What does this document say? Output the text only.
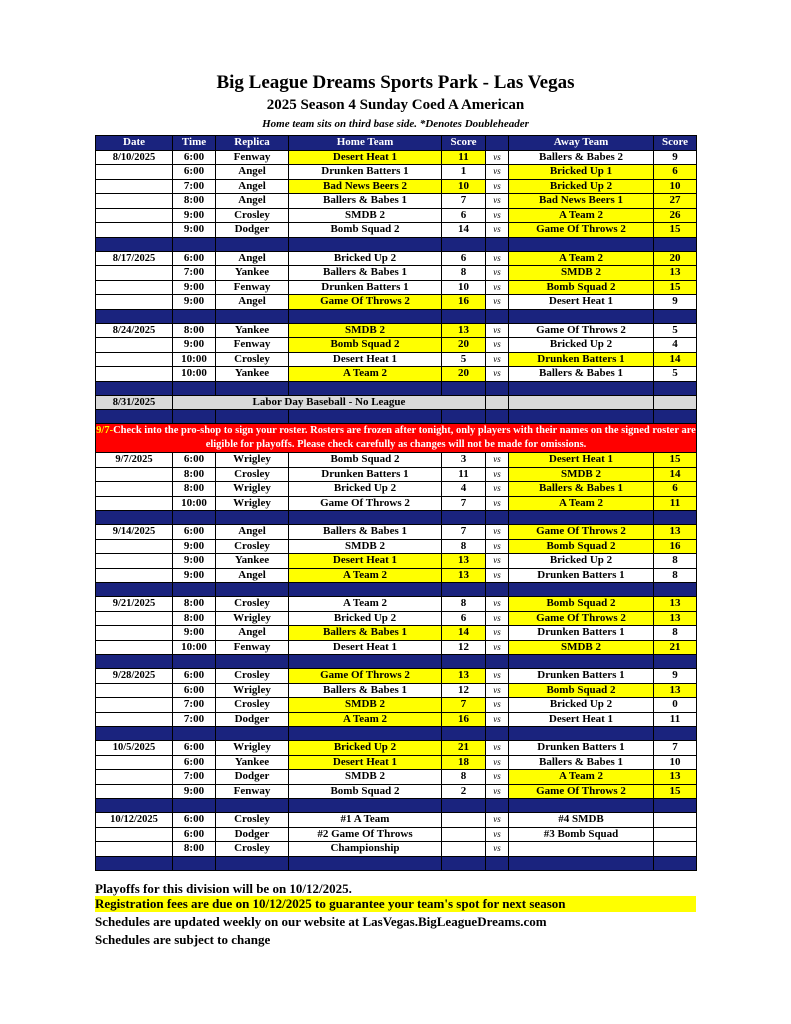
Big League Dreams Sports Park - Las Vegas
2025 Season 4 Sunday Coed A American
Home team sits on third base side. *Denotes Doubleheader
Date	Time	Replica	Home Team	Score		Away Team	Score
8/10/2025	6:00	Fenway	Desert Heat 1	11	vs	Ballers & Babes 2	9
	6:00	Angel	Drunken Batters 1	1	vs	Bricked Up 1	6
	7:00	Angel	Bad News Beers 2	10	vs	Bricked Up 2	10
	8:00	Angel	Ballers & Babes 1	7	vs	Bad News Beers 1	27
	9:00	Crosley	SMDB 2	6	vs	A Team 2	26
	9:00	Dodger	Bomb Squad 2	14	vs	Game Of Throws 2	15

8/17/2025	6:00	Angel	Bricked Up 2	6	vs	A Team 2	20
	7:00	Yankee	Ballers & Babes 1	8	vs	SMDB 2	13
	9:00	Fenway	Drunken Batters 1	10	vs	Bomb Squad 2	15
	9:00	Angel	Game Of Throws 2	16	vs	Desert Heat 1	9

8/24/2025	8:00	Yankee	SMDB 2	13	vs	Game Of Throws 2	5
	9:00	Fenway	Bomb Squad 2	20	vs	Bricked Up 2	4
	10:00	Crosley	Desert Heat 1	5	vs	Drunken Batters 1	14
	10:00	Yankee	A Team 2	20	vs	Ballers & Babes 1	5

8/31/2025	Labor Day Baseball - No League						

9/7-Check into the pro-shop to sign your roster. Rosters are frozen after tonight, only players with their names on the signed roster are eligible for playoffs. Please check carefully as changes will not be made for omissions.							
9/7/2025	6:00	Wrigley	Bomb Squad 2	3	vs	Desert Heat 1	15
	8:00	Crosley	Drunken Batters 1	11	vs	SMDB 2	14
	8:00	Wrigley	Bricked Up 2	4	vs	Ballers & Babes 1	6
	10:00	Wrigley	Game Of Throws 2	7	vs	A Team 2	11

9/14/2025	6:00	Angel	Ballers & Babes 1	7	vs	Game Of Throws 2	13
	9:00	Crosley	SMDB 2	8	vs	Bomb Squad 2	16
	9:00	Yankee	Desert Heat 1	13	vs	Bricked Up 2	8
	9:00	Angel	A Team 2	13	vs	Drunken Batters 1	8

9/21/2025	8:00	Crosley	A Team 2	8	vs	Bomb Squad 2	13
	8:00	Wrigley	Bricked Up 2	6	vs	Game Of Throws 2	13
	9:00	Angel	Ballers & Babes 1	14	vs	Drunken Batters 1	8
	10:00	Fenway	Desert Heat 1	12	vs	SMDB 2	21

9/28/2025	6:00	Crosley	Game Of Throws 2	13	vs	Drunken Batters 1	9
	6:00	Wrigley	Ballers & Babes 1	12	vs	Bomb Squad 2	13
	7:00	Crosley	SMDB 2	7	vs	Bricked Up 2	0
	7:00	Dodger	A Team 2	16	vs	Desert Heat 1	11

10/5/2025	6:00	Wrigley	Bricked Up 2	21	vs	Drunken Batters 1	7
	6:00	Yankee	Desert Heat 1	18	vs	Ballers & Babes 1	10
	7:00	Dodger	SMDB 2	8	vs	A Team 2	13
	9:00	Fenway	Bomb Squad 2	2	vs	Game Of Throws 2	15

10/12/2025	6:00	Crosley	#1 A Team		vs	#4 SMDB	
	6:00	Dodger	#2 Game Of Throws		vs	#3 Bomb Squad	
	8:00	Crosley	Championship		vs		

Playoffs for this division will be on 10/12/2025.
Registration fees are due on 10/12/2025 to guarantee your team's spot for next season
Schedules are updated weekly on our website at LasVegas.BigLeagueDreams.com
Schedules are subject to change
